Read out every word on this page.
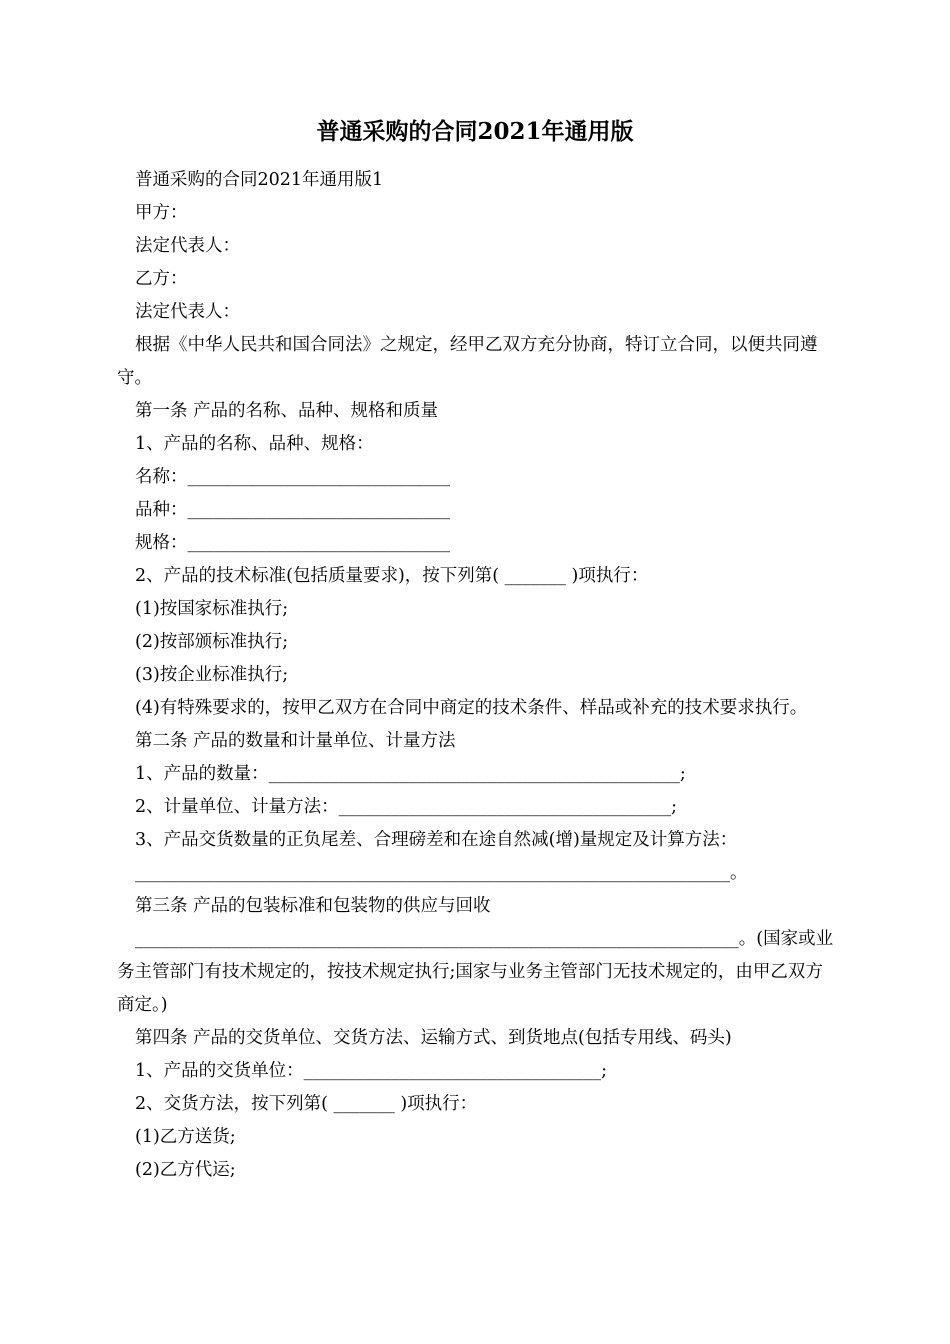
普通采购的合同2021年通用版

普通采购的合同2021年通用版1

甲方：

法定代表人：

乙方：

法定代表人：

根据《中华人民共和国合同法》之规定，经甲乙双方充分协商，特订立合同，以便共同遵守。

第一条 产品的名称、品种、规格和质量

1、产品的名称、品种、规格：

名称：______________________________

品种：______________________________

规格：______________________________

2、产品的技术标准(包括质量要求)，按下列第( _______ )项执行：

(1)按国家标准执行;

(2)按部颁标准执行;

(3)按企业标准执行;

(4)有特殊要求的，按甲乙双方在合同中商定的技术条件、样品或补充的技术要求执行。

第二条 产品的数量和计量单位、计量方法

1、产品的数量：_______________________________________________;

2、计量单位、计量方法：______________________________________;

3、产品交货数量的正负尾差、合理磅差和在途自然减(增)量规定及计算方法：

____________________________________________________________________。

第三条 产品的包装标准和包装物的供应与回收

_____________________________________________________________________。(国家或业务主管部门有技术规定的，按技术规定执行;国家与业务主管部门无技术规定的，由甲乙双方商定。)

第四条 产品的交货单位、交货方法、运输方式、到货地点(包括专用线、码头)

1、产品的交货单位：__________________________________;

2、交货方法，按下列第( _______ )项执行：

(1)乙方送货;

(2)乙方代运;
